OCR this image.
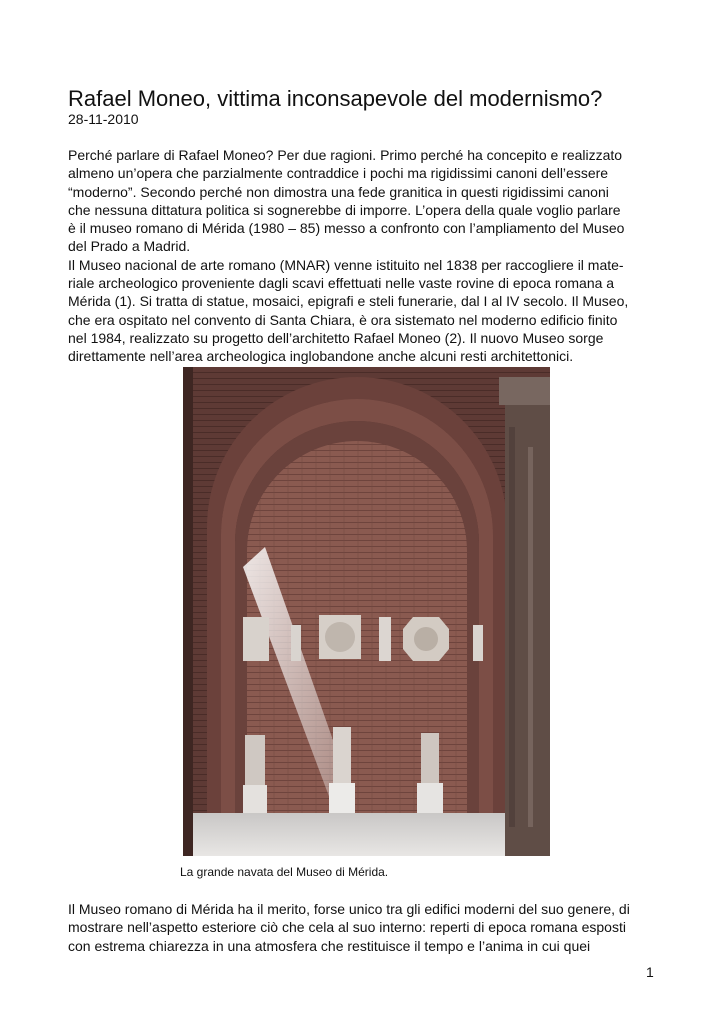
Rafael Moneo, vittima inconsapevole del modernismo?
28-11-2010

Perché parlare di Rafael Moneo? Per due ragioni. Primo perché ha concepito e realizzato

almeno un’opera che parzialmente contraddice i pochi ma rigidissimi canoni dell’essere

“moderno”. Secondo perché non dimostra una fede granitica in questi rigidissimi canoni

che nessuna dittatura politica si sognerebbe di imporre. L’opera della quale voglio parlare

è il museo romano di Mérida (1980 – 85) messo a confronto con l’ampliamento del Museo

del Prado a Madrid.

Il Museo nacional de arte romano (MNAR) venne istituito nel 1838 per raccogliere il mate-

riale archeologico proveniente dagli scavi effettuati nelle vaste rovine di epoca romana a

Mérida (1). Si tratta di statue, mosaici, epigrafi e steli funerarie, dal I al IV secolo. Il Museo,

che era ospitato nel convento di Santa Chiara, è ora sistemato nel moderno edificio finito

nel 1984, realizzato su progetto dell’architetto Rafael Moneo (2). Il nuovo Museo sorge

direttamente nell’area archeologica inglobandone anche alcuni resti architettonici.

La grande navata del Museo di Mérida.

Il Museo romano di Mérida ha il merito, forse unico tra gli edifici moderni del suo genere, di

mostrare nell’aspetto esteriore ciò che cela al suo interno: reperti di epoca romana esposti

con estrema chiarezza in una atmosfera che restituisce il tempo e l’anima in cui quei

1
